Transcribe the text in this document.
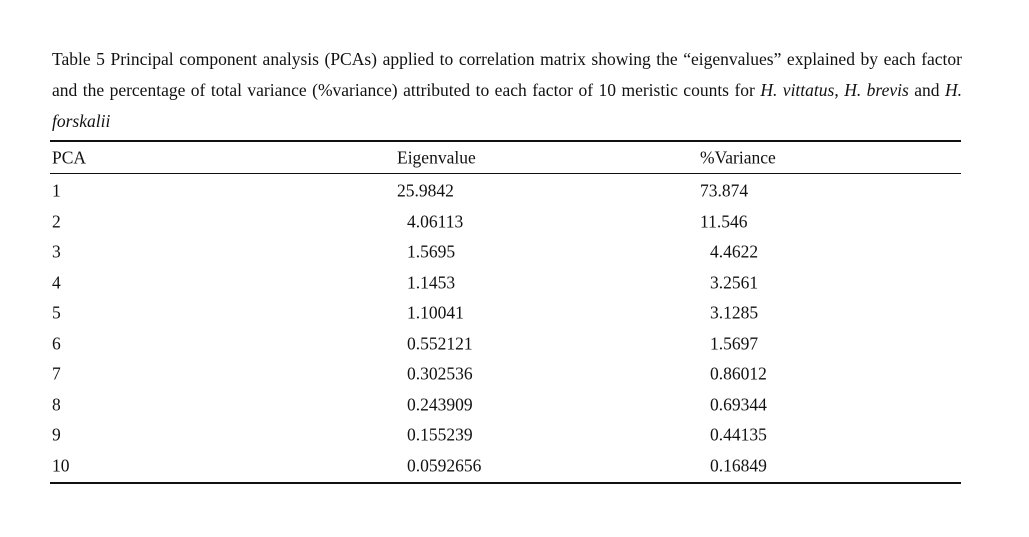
Table 5 Principal component analysis (PCAs) applied to correlation matrix showing the “eigenvalues” explained by each factor and the percentage of total variance (%variance) attributed to each factor of 10 meristic counts for H. vittatus, H. brevis and H. forskalii
PCA	Eigenvalue	%Variance
1	25.9842	73.874
2	4.06113	11.546
3	1.5695	4.4622
4	1.1453	3.2561
5	1.10041	3.1285
6	0.552121	1.5697
7	0.302536	0.86012
8	0.243909	0.69344
9	0.155239	0.44135
10	0.0592656	0.16849
